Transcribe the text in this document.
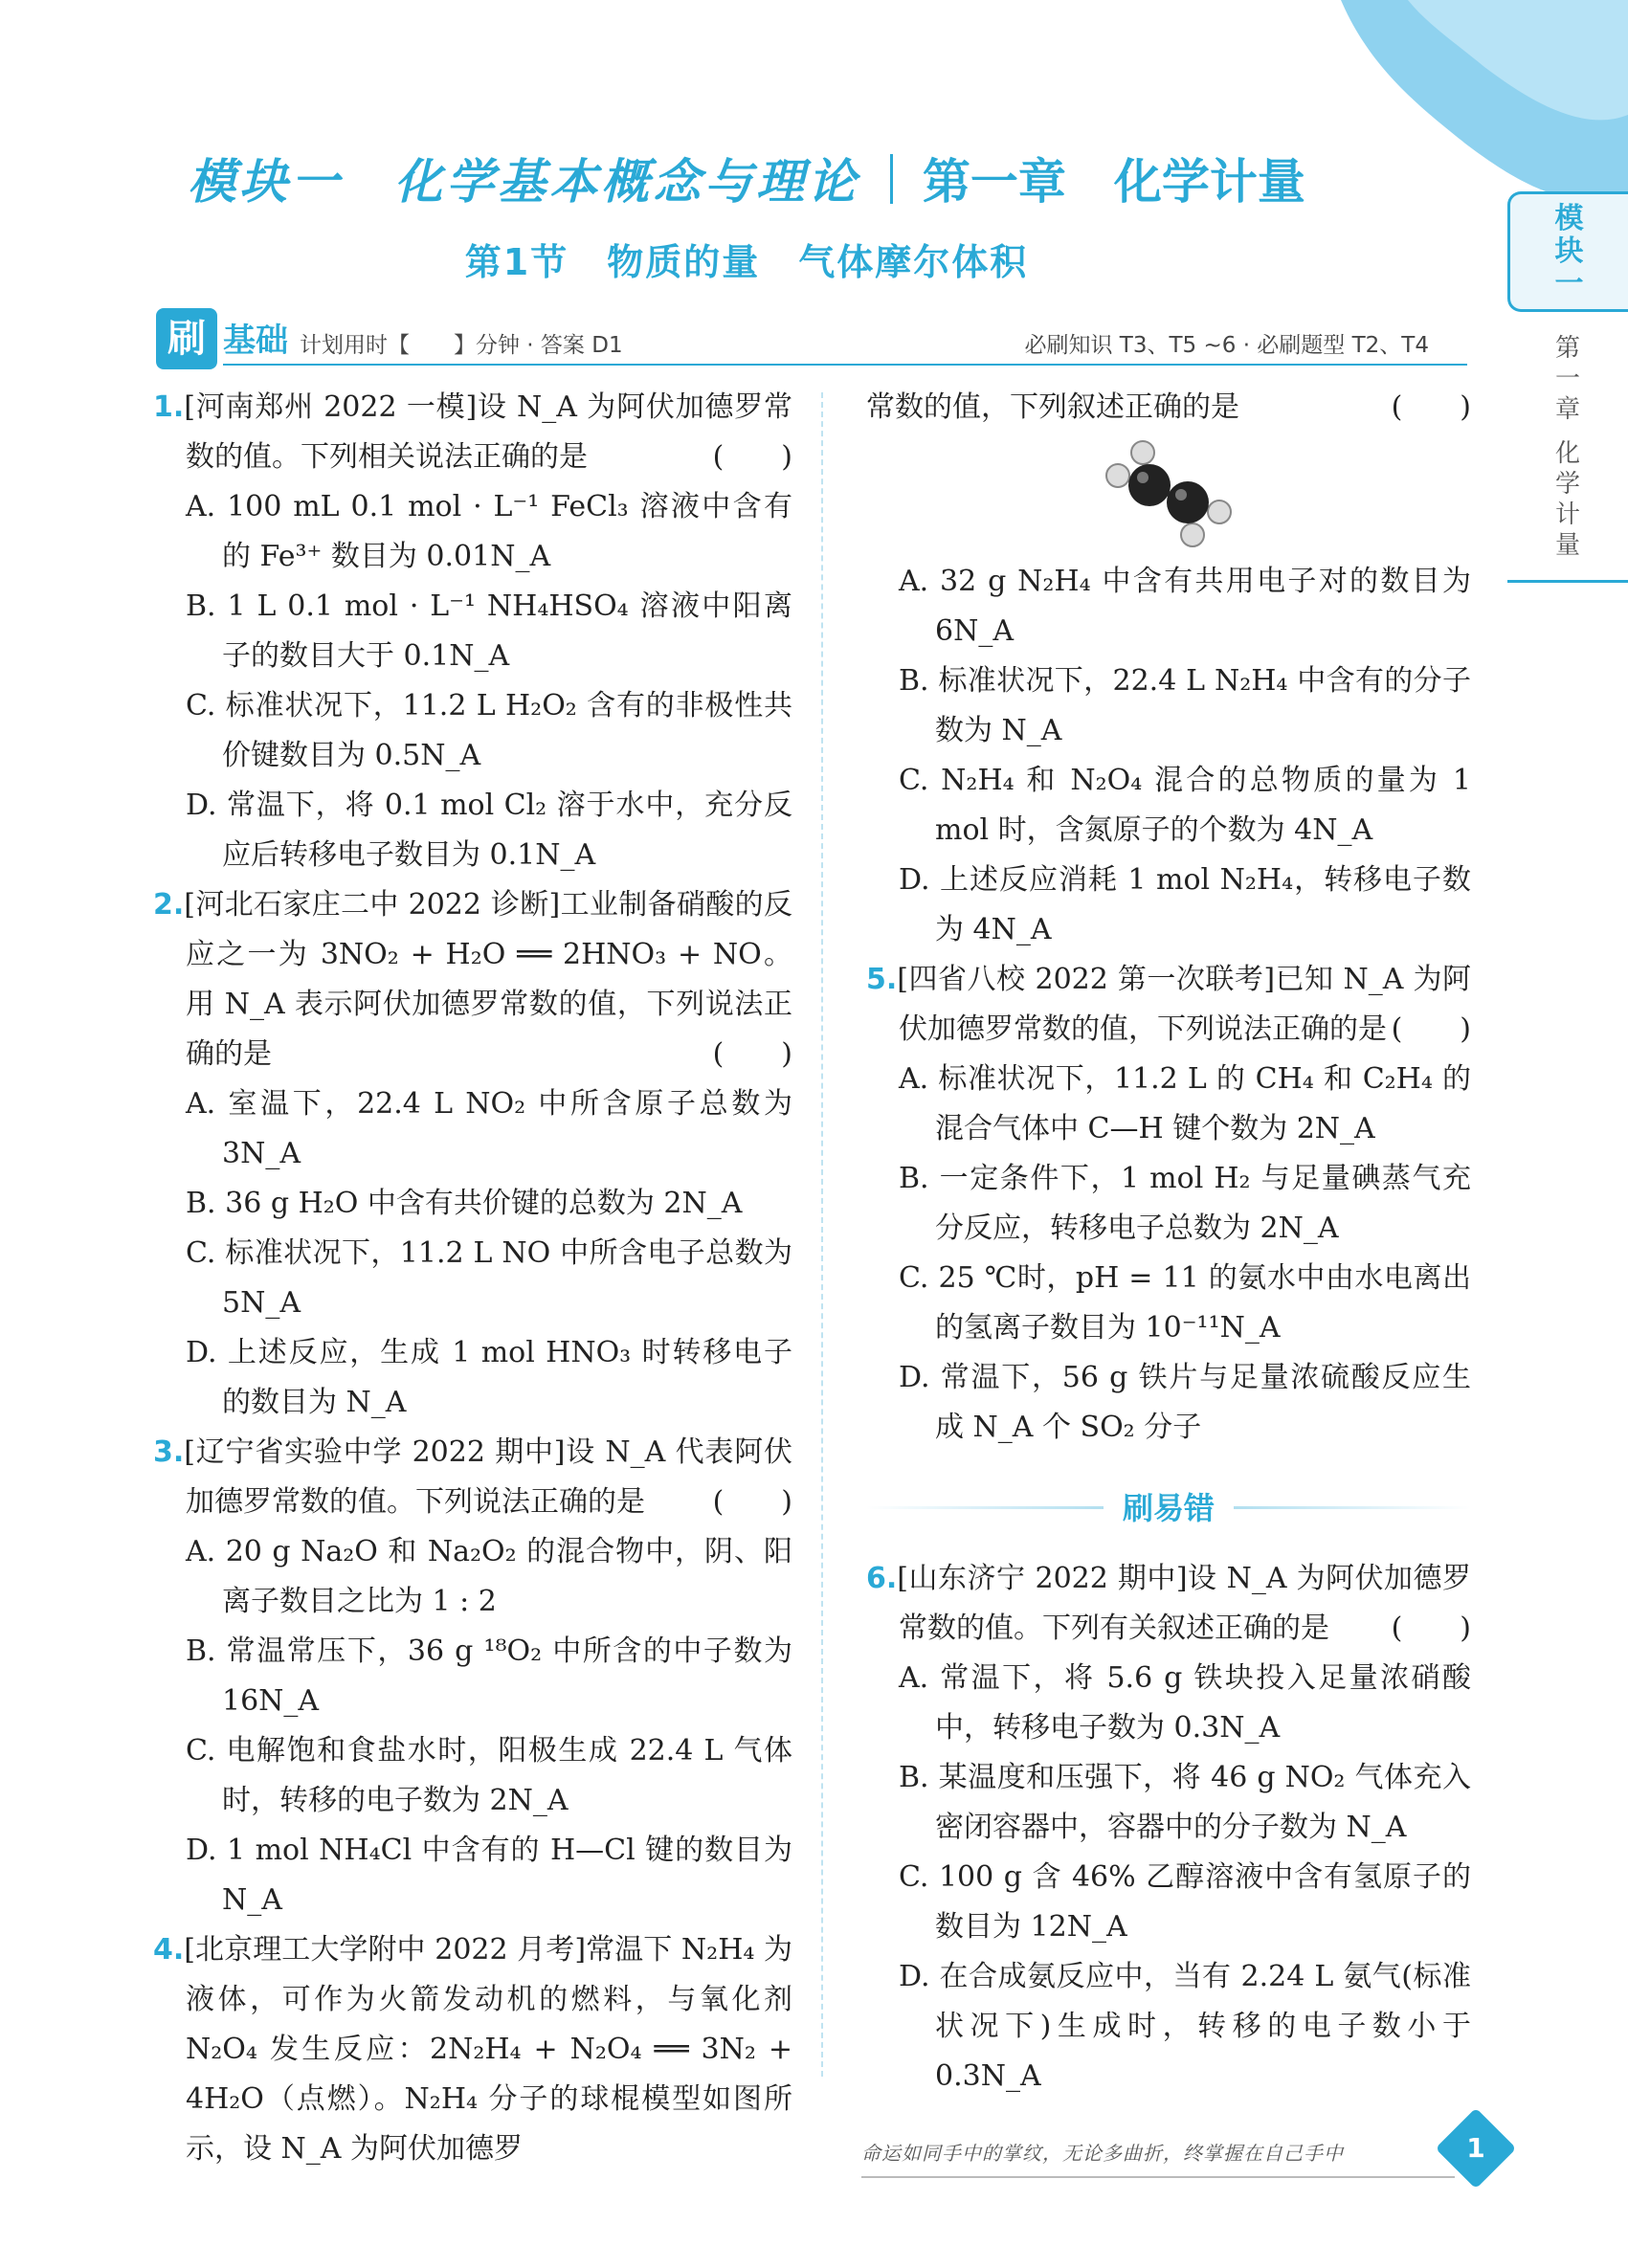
模块一　化学基本概念与理论 第一章　化学计量
第1节　物质的量　气体摩尔体积
模
块
一
第
一
章
化
学
计
量
刷 基础 计划用时【　　】分钟 · 答案 D1	必刷知识 T3、T5 ~6 · 必刷题型 T2、T4
1.[河南郑州 2022 一模]设 N_A 为阿伏加德罗常数的值。下列相关说法正确的是	(　　)
A. 100 mL 0.1 mol · L⁻¹ FeCl₃ 溶液中含有的 Fe³⁺ 数目为 0.01N_A
B. 1 L 0.1 mol · L⁻¹ NH₄HSO₄ 溶液中阳离子的数目大于 0.1N_A
C. 标准状况下，11.2 L H₂O₂ 含有的非极性共价键数目为 0.5N_A
D. 常温下，将 0.1 mol Cl₂ 溶于水中，充分反应后转移电子数目为 0.1N_A
2.[河北石家庄二中 2022 诊断]工业制备硝酸的反应之一为 3NO₂ + H₂O ══ 2HNO₃ + NO。用 N_A 表示阿伏加德罗常数的值，下列说法正确的是	(　　)
A. 室温下，22.4 L NO₂ 中所含原子总数为 3N_A
B. 36 g H₂O 中含有共价键的总数为 2N_A
C. 标准状况下，11.2 L NO 中所含电子总数为 5N_A
D. 上述反应，生成 1 mol HNO₃ 时转移电子的数目为 N_A
3.[辽宁省实验中学 2022 期中]设 N_A 代表阿伏加德罗常数的值。下列说法正确的是 (　　)
A. 20 g Na₂O 和 Na₂O₂ 的混合物中，阴、阳离子数目之比为 1 : 2
B. 常温常压下，36 g ¹⁸O₂ 中所含的中子数为 16N_A
C. 电解饱和食盐水时，阳极生成 22.4 L 气体时，转移的电子数为 2N_A
D. 1 mol NH₄Cl 中含有的 H—Cl 键的数目为 N_A
4.[北京理工大学附中 2022 月考]常温下 N₂H₄ 为液体，可作为火箭发动机的燃料，与氧化剂 N₂O₄ 发生反应：2N₂H₄ + N₂O₄ ══ 3N₂ + 4H₂O（点燃）。N₂H₄ 分子的球棍模型如图所示，设 N_A 为阿伏加德罗
常数的值，下列叙述正确的是	(　　)
A. 32 g N₂H₄ 中含有共用电子对的数目为 6N_A
B. 标准状况下，22.4 L N₂H₄ 中含有的分子数为 N_A
C. N₂H₄ 和 N₂O₄ 混合的总物质的量为 1 mol 时，含氮原子的个数为 4N_A
D. 上述反应消耗 1 mol N₂H₄，转移电子数为 4N_A
5.[四省八校 2022 第一次联考]已知 N_A 为阿伏加德罗常数的值，下列说法正确的是 (　　)
A. 标准状况下，11.2 L 的 CH₄ 和 C₂H₄ 的混合气体中 C—H 键个数为 2N_A
B. 一定条件下，1 mol H₂ 与足量碘蒸气充分反应，转移电子总数为 2N_A
C. 25 ℃时，pH = 11 的氨水中由水电离出的氢离子数目为 10⁻¹¹N_A
D. 常温下，56 g 铁片与足量浓硫酸反应生成 N_A 个 SO₂ 分子
刷易错
6.[山东济宁 2022 期中]设 N_A 为阿伏加德罗常数的值。下列有关叙述正确的是 (　　)
A. 常温下，将 5.6 g 铁块投入足量浓硝酸中，转移电子数为 0.3N_A
B. 某温度和压强下，将 46 g NO₂ 气体充入密闭容器中，容器中的分子数为 N_A
C. 100 g 含 46% 乙醇溶液中含有氢原子的数目为 12N_A
D. 在合成氨反应中，当有 2.24 L 氨气(标准状况下)生成时，转移的电子数小于 0.3N_A
命运如同手中的掌纹，无论多曲折，终掌握在自己手中	1
